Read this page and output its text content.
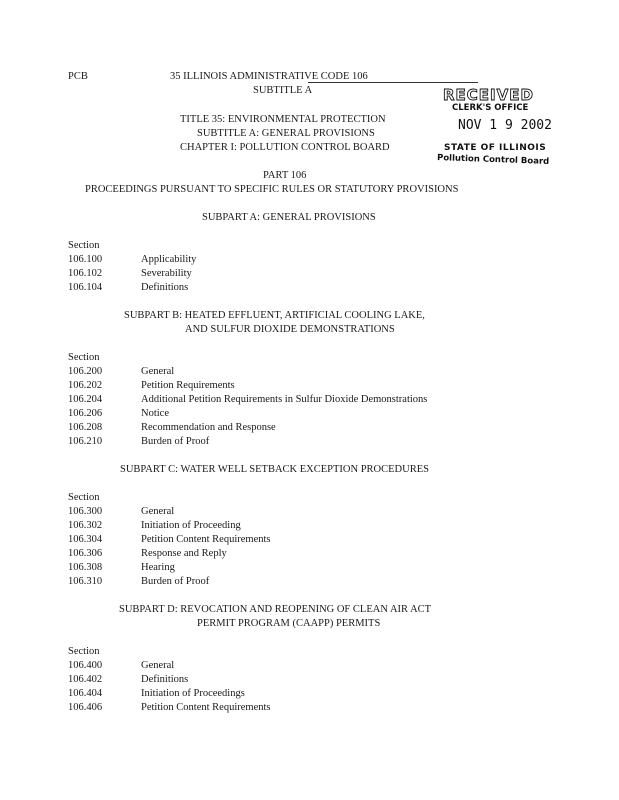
PCB	35 ILLINOIS ADMINISTRATIVE CODE 106
SUBTITLE A	RECEIVED
CLERK'S OFFICE
NOV 1 9 2002
STATE OF ILLINOIS
Pollution Control Board
TITLE 35: ENVIRONMENTAL PROTECTION
SUBTITLE A: GENERAL PROVISIONS
CHAPTER I: POLLUTION CONTROL BOARD
PART 106
PROCEEDINGS PURSUANT TO SPECIFIC RULES OR STATUTORY PROVISIONS
SUBPART A: GENERAL PROVISIONS
Section
106.100	Applicability
106.102	Severability
106.104	Definitions
SUBPART B: HEATED EFFLUENT, ARTIFICIAL COOLING LAKE,
AND SULFUR DIOXIDE DEMONSTRATIONS
Section
106.200	General
106.202	Petition Requirements
106.204	Additional Petition Requirements in Sulfur Dioxide Demonstrations
106.206	Notice
106.208	Recommendation and Response
106.210	Burden of Proof
SUBPART C: WATER WELL SETBACK EXCEPTION PROCEDURES
Section
106.300	General
106.302	Initiation of Proceeding
106.304	Petition Content Requirements
106.306	Response and Reply
106.308	Hearing
106.310	Burden of Proof
SUBPART D: REVOCATION AND REOPENING OF CLEAN AIR ACT
PERMIT PROGRAM (CAAPP) PERMITS
Section
106.400	General
106.402	Definitions
106.404	Initiation of Proceedings
106.406	Petition Content Requirements
